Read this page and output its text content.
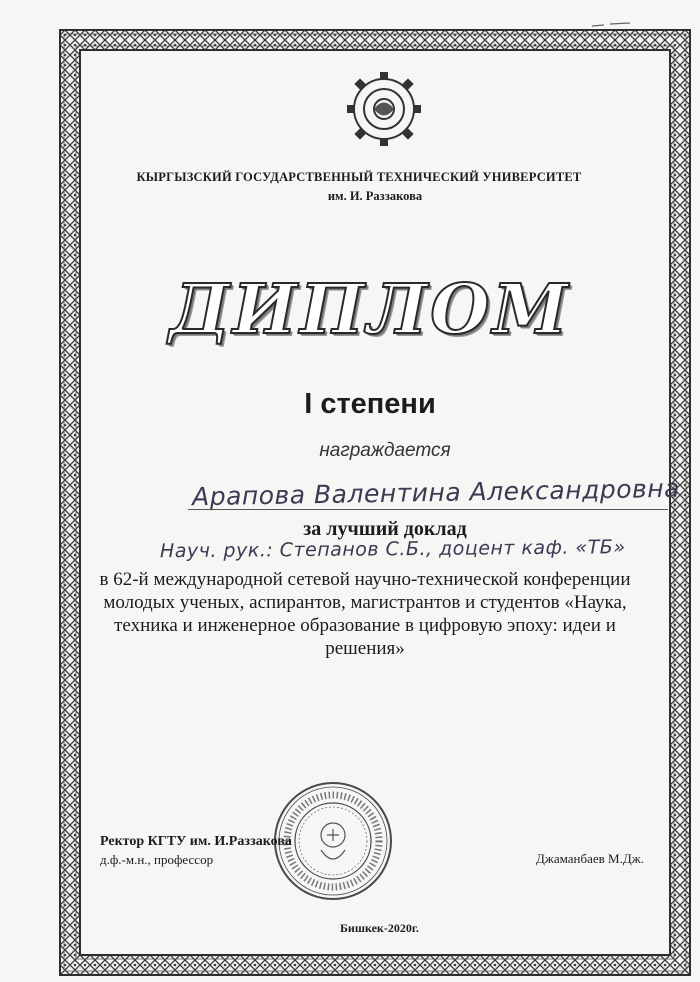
КЫРГЫЗСКИЙ ГОСУДАРСТВЕННЫЙ ТЕХНИЧЕСКИЙ УНИВЕРСИТЕТ
им. И. Раззакова
ДИПЛОМ
I степени
награждается
Арапова Валентина Александровна
за лучший доклад
Науч. рук.: Степанов С.Б., доцент каф. «ТБ»
в 62-й международной сетевой научно-технической конференции молодых ученых, аспирантов, магистрантов и студентов «Наука, техника и инженерное образование в цифровую эпоху: идеи и решения»
Ректор КГТУ им. И.Раззакова
д.ф.-м.н., профессор	Джаманбаев М.Дж.
Бишкек-2020г.
